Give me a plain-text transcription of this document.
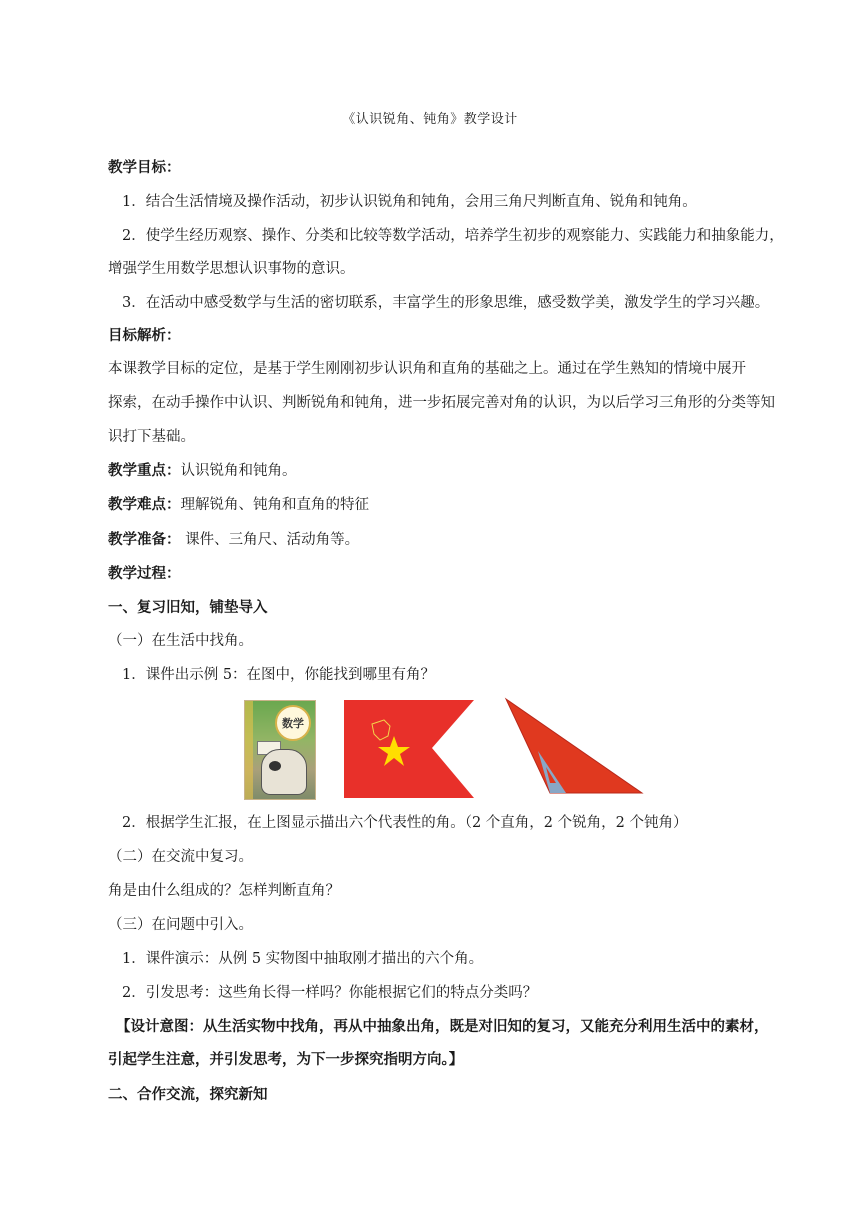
《认识锐角、钝角》教学设计
教学目标：
1．结合生活情境及操作活动，初步认识锐角和钝角，会用三角尺判断直角、锐角和钝角。
2．使学生经历观察、操作、分类和比较等数学活动，培养学生初步的观察能力、实践能力和抽象能力，
增强学生用数学思想认识事物的意识。
3．在活动中感受数学与生活的密切联系，丰富学生的形象思维，感受数学美，激发学生的学习兴趣。
目标解析：
本课教学目标的定位，是基于学生刚刚初步认识角和直角的基础之上。通过在学生熟知的情境中展开
探索，在动手操作中认识、判断锐角和钝角，进一步拓展完善对角的认识，为以后学习三角形的分类等知
识打下基础。
教学重点：认识锐角和钝角。
教学难点：理解锐角、钝角和直角的特征
教学准备： 课件、三角尺、活动角等。
教学过程：
一、复习旧知，铺垫导入
（一）在生活中找角。
1．课件出示例 5：在图中，你能找到哪里有角？
数学
2．根据学生汇报，在上图显示描出六个代表性的角。（2 个直角，2 个锐角，2 个钝角）
（二）在交流中复习。
角是由什么组成的？怎样判断直角？
（三）在问题中引入。
1．课件演示：从例 5 实物图中抽取刚才描出的六个角。
2．引发思考：这些角长得一样吗？你能根据它们的特点分类吗？
【设计意图：从生活实物中找角，再从中抽象出角，既是对旧知的复习，又能充分利用生活中的素材，
引起学生注意，并引发思考，为下一步探究指明方向。】
二、合作交流，探究新知
